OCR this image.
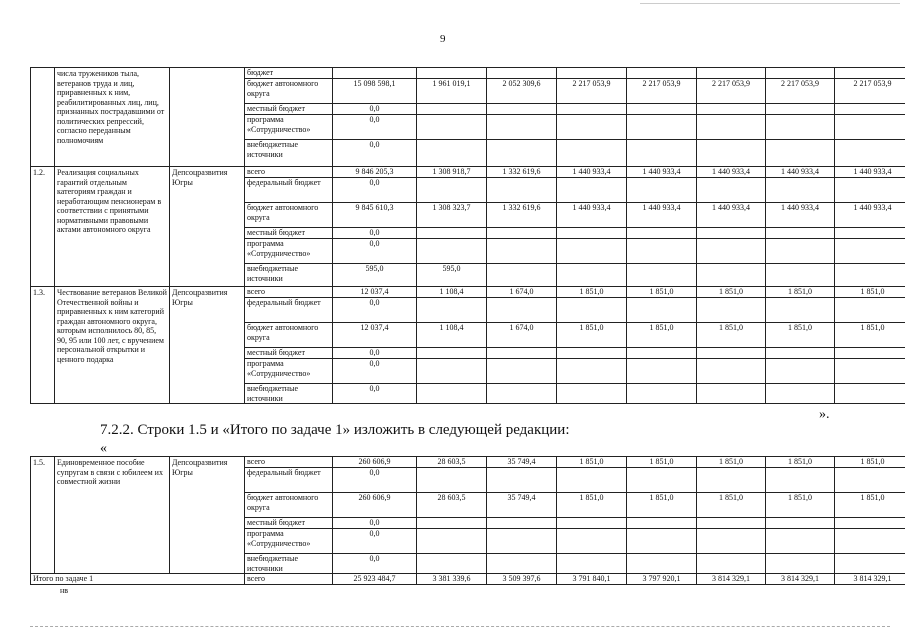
9
	числа тружеников тыла, ветеранов труда и лиц, приравненных к ним, реабилитированных лиц, лиц, признанных пострадавшими от политических репрессий, согласно переданным полномочиям		бюджет								
			бюджет автономного округа	15 098 598,1	1 961 019,1	2 052 309,6	2 217 053,9	2 217 053,9	2 217 053,9	2 217 053,9	2 217 053,9
			местный бюджет	0,0							
			программа «Сотрудничество»	0,0							
			внебюджетные источники	0,0							
1.2.	Реализация социальных гарантий отдельным категориям граждан и неработающим пенсионерам в соответствии с принятыми нормативными правовыми актами автономного округа	Депсоцразвития Югры	всего	9 846 205,3	1 308 918,7	1 332 619,6	1 440 933,4	1 440 933,4	1 440 933,4	1 440 933,4	1 440 933,4
			федеральный бюджет	0,0							
			бюджет автономного округа	9 845 610,3	1 308 323,7	1 332 619,6	1 440 933,4	1 440 933,4	1 440 933,4	1 440 933,4	1 440 933,4
			местный бюджет	0,0							
			программа «Сотрудничество»	0,0							
			внебюджетные источники	595,0	595,0						
1.3.	Чествование ветеранов Великой Отечественной войны и приравненных к ним категорий граждан автономного округа, которым исполнилось 80, 85, 90, 95 или 100 лет, с вручением персональной открытки и ценного подарка	Депсоцразвития Югры	всего	12 037,4	1 108,4	1 674,0	1 851,0	1 851,0	1 851,0	1 851,0	1 851,0
			федеральный бюджет	0,0							
			бюджет автономного округа	12 037,4	1 108,4	1 674,0	1 851,0	1 851,0	1 851,0	1 851,0	1 851,0
			местный бюджет	0,0							
			программа «Сотрудничество»	0,0							
			внебюджетные источники	0,0							
».
7.2.2. Строки 1.5 и «Итого по задаче 1» изложить в следующей редакции:
«
1.5.	Единовременное пособие супругам в связи с юбилеем их совместной жизни	Депсоцразвития Югры	всего	260 606,9	28 603,5	35 749,4	1 851,0	1 851,0	1 851,0	1 851,0	1 851,0
			федеральный бюджет	0,0							
			бюджет автономного округа	260 606,9	28 603,5	35 749,4	1 851,0	1 851,0	1 851,0	1 851,0	1 851,0
			местный бюджет	0,0							
			программа «Сотрудничество»	0,0							
			внебюджетные источники	0,0							
Итого по задаче 1			всего	25 923 484,7	3 381 339,6	3 509 397,6	3 791 840,1	3 797 920,1	3 814 329,1	3 814 329,1	3 814 329,1
нв
